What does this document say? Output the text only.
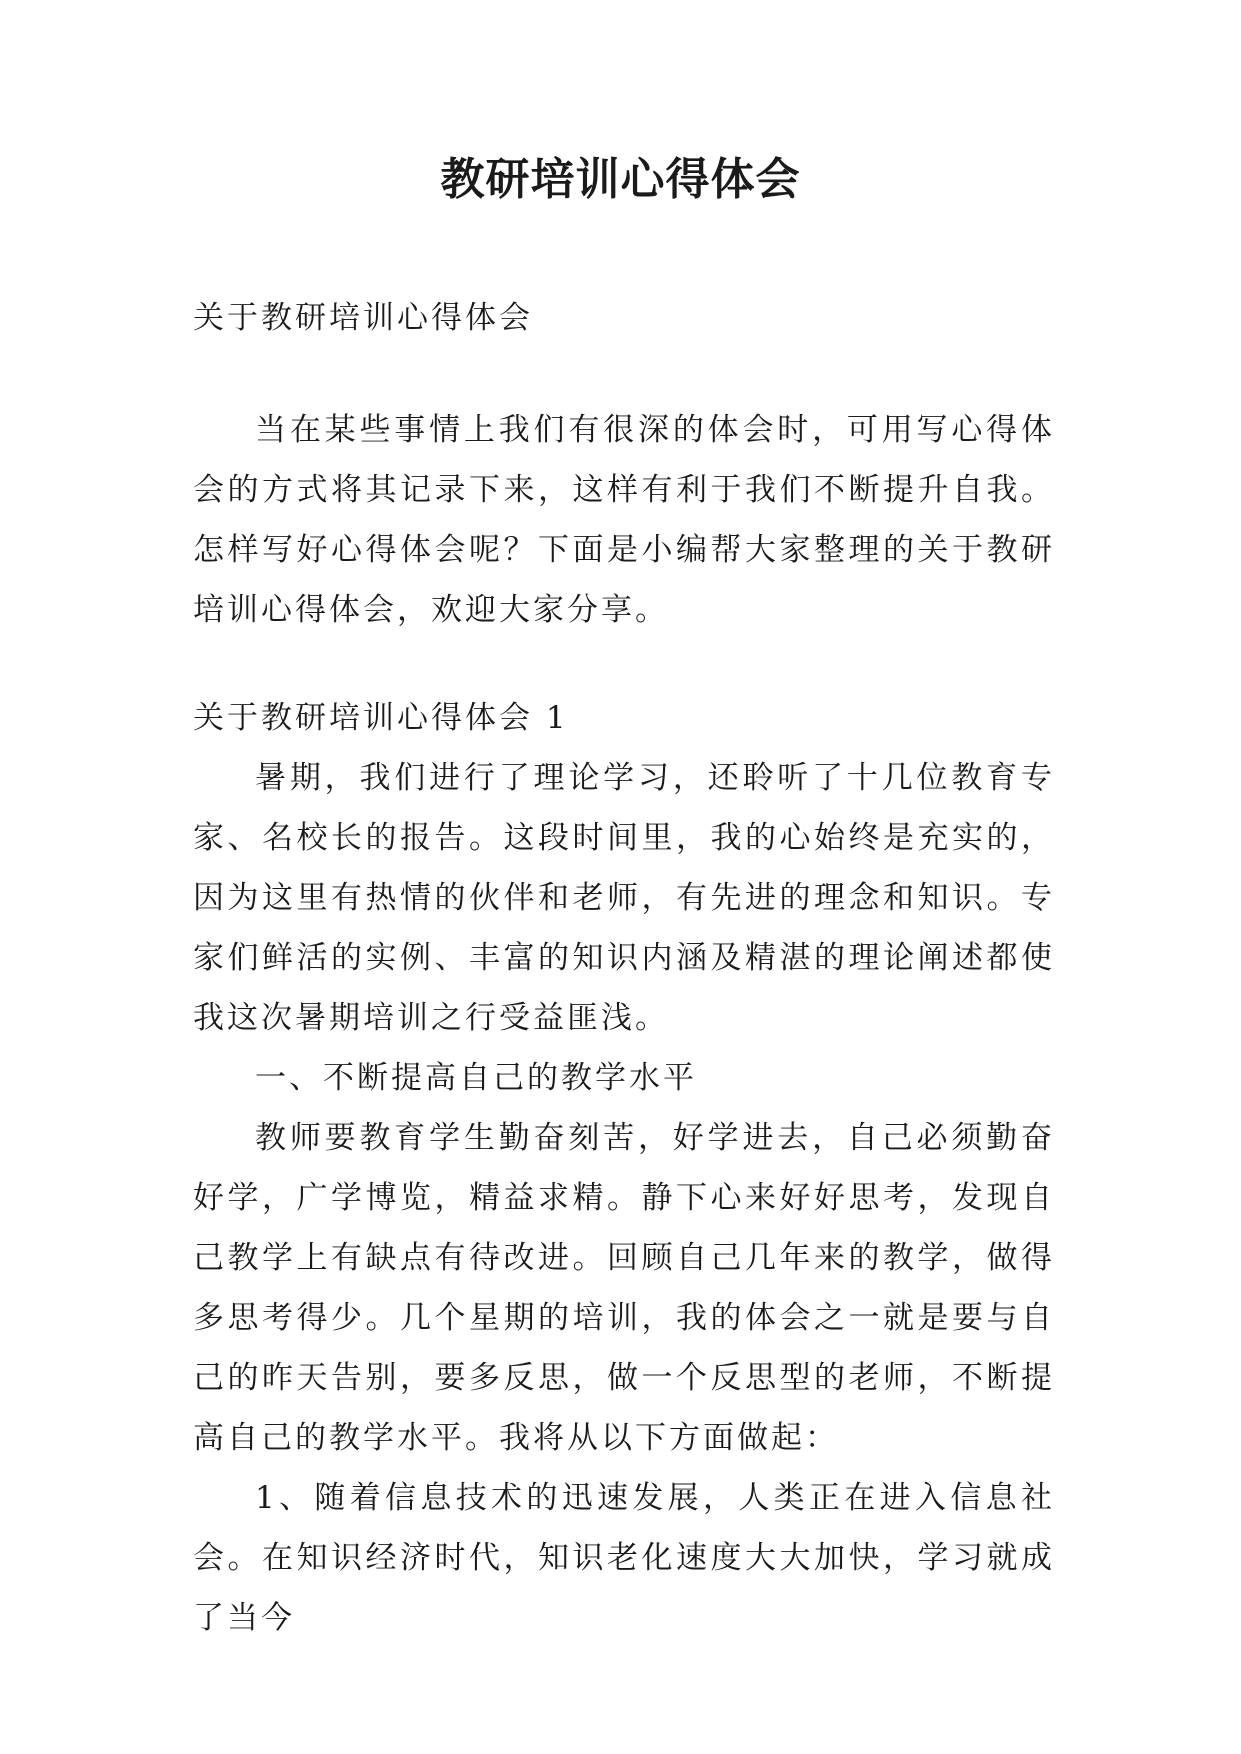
教研培训心得体会
关于教研培训心得体会

当在某些事情上我们有很深的体会时，可用写心得体会的方式将其记录下来，这样有利于我们不断提升自我。怎样写好心得体会呢？下面是小编帮大家整理的关于教研培训心得体会，欢迎大家分享。

关于教研培训心得体会 1

暑期，我们进行了理论学习，还聆听了十几位教育专家、名校长的报告。这段时间里，我的心始终是充实的，因为这里有热情的伙伴和老师，有先进的理念和知识。专家们鲜活的实例、丰富的知识内涵及精湛的理论阐述都使我这次暑期培训之行受益匪浅。

一、不断提高自己的教学水平

教师要教育学生勤奋刻苦，好学进去，自己必须勤奋好学，广学博览，精益求精。静下心来好好思考，发现自己教学上有缺点有待改进。回顾自己几年来的教学，做得多思考得少。几个星期的培训，我的体会之一就是要与自己的昨天告别，要多反思，做一个反思型的老师，不断提高自己的教学水平。我将从以下方面做起：

1、随着信息技术的迅速发展，人类正在进入信息社会。在知识经济时代，知识老化速度大大加快，学习就成了当今
